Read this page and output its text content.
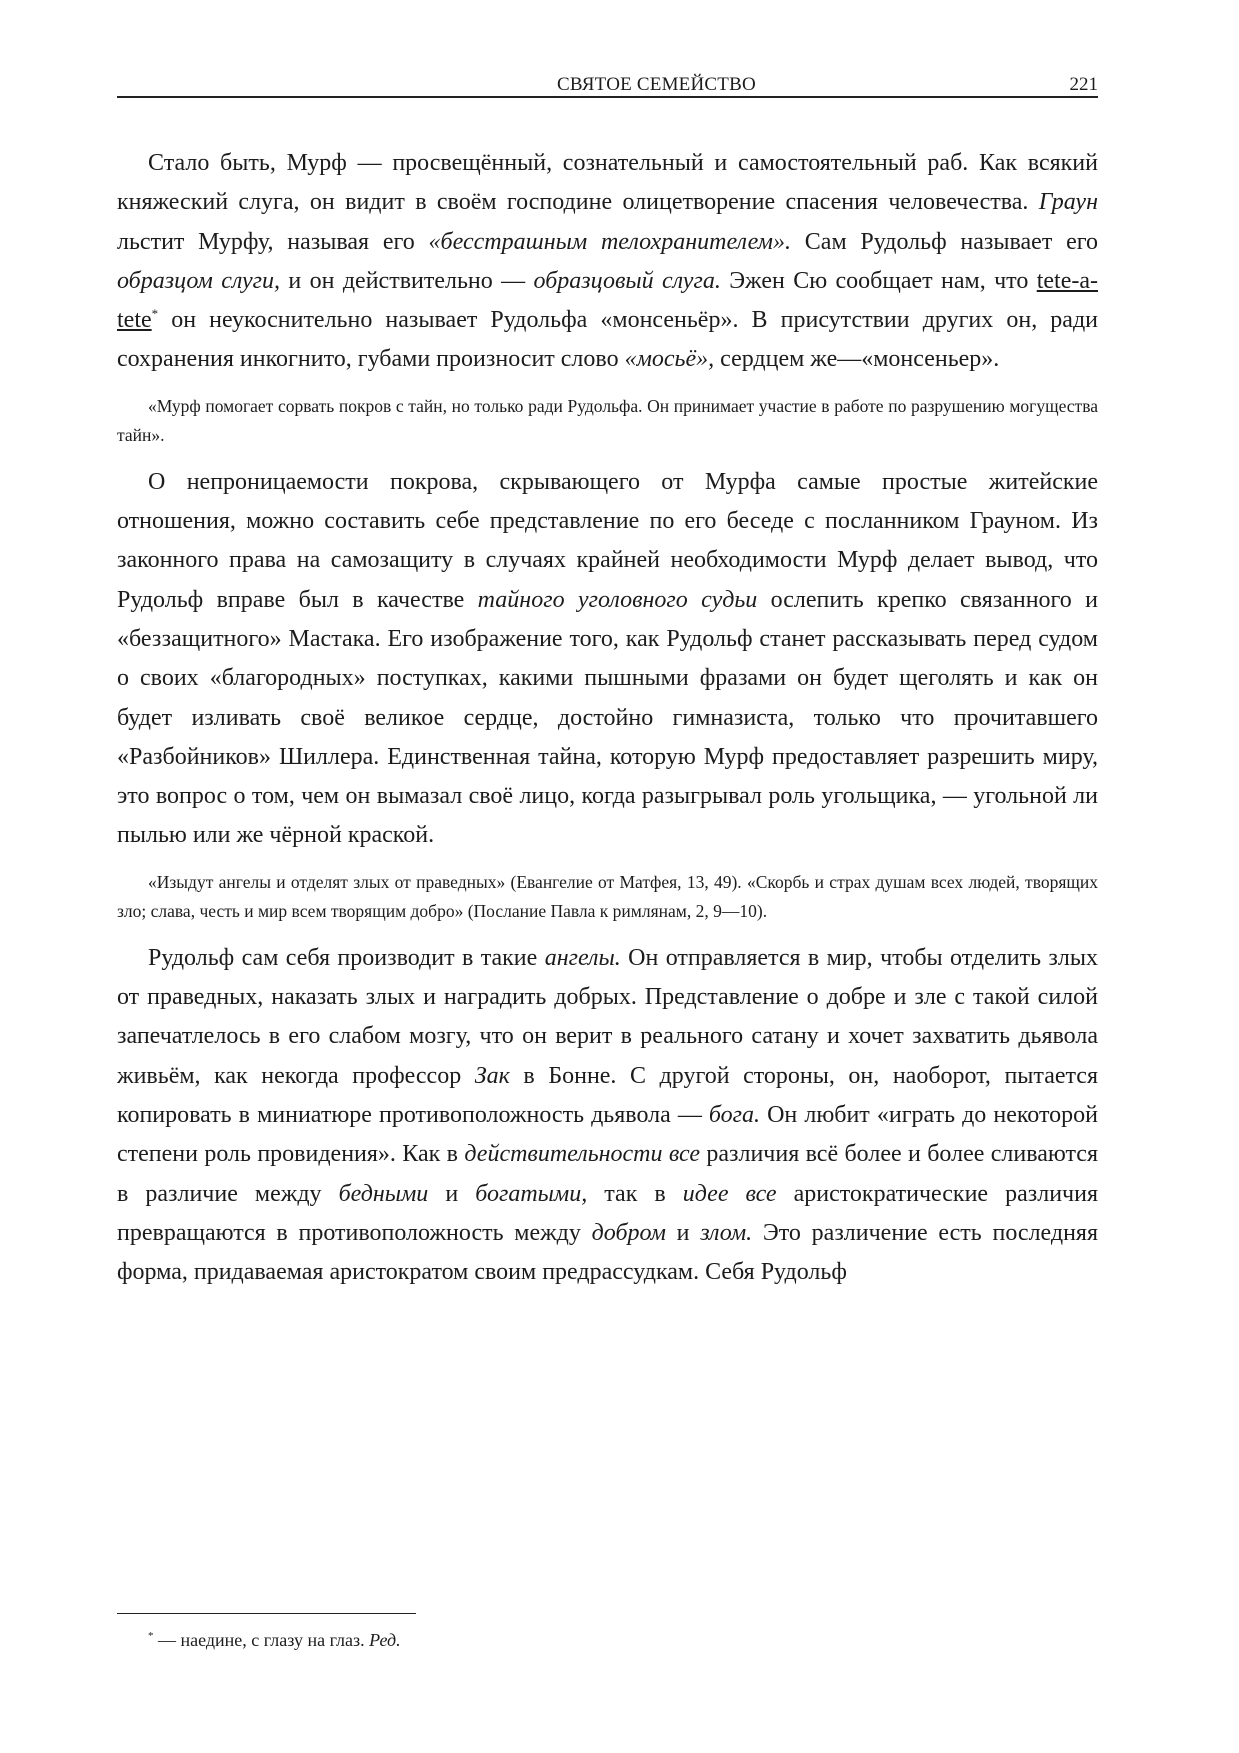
СВЯТОЕ СЕМЕЙСТВО	221

Стало быть, Мурф — просвещённый, сознательный и самостоятельный раб. Как всякий княжеский слуга, он видит в своём господине олицетворение спасения человечества. Граун льстит Мурфу, называя его «бесстрашным телохранителем». Сам Рудольф называет его образцом слуги, и он действительно — образцовый слуга. Эжен Сю сообщает нам, что tete-a-tete* он неукоснительно называет Рудольфа «монсеньёр». В присутствии других он, ради сохранения инкогнито, губами произносит слово «мосьё», сердцем же—«монсеньер».

«Мурф помогает сорвать покров с тайн, но только ради Рудольфа. Он принимает участие в работе по разрушению могущества тайн».

О непроницаемости покрова, скрывающего от Мурфа самые простые житейские отношения, можно составить себе представление по его беседе с посланником Грауном. Из законного права на самозащиту в случаях крайней необходимости Мурф делает вывод, что Рудольф вправе был в качестве тайного уголовного судьи ослепить крепко связанного и «беззащитного» Мастака. Его изображение того, как Рудольф станет рассказывать перед судом о своих «благородных» поступках, какими пышными фразами он будет щеголять и как он будет изливать своё великое сердце, достойно гимназиста, только что прочитавшего «Разбойников» Шиллера. Единственная тайна, которую Мурф предоставляет разрешить миру, это вопрос о том, чем он вымазал своё лицо, когда разыгрывал роль угольщика, — угольной ли пылью или же чёрной краской.

«Изыдут ангелы и отделят злых от праведных» (Евангелие от Матфея, 13, 49). «Скорбь и страх душам всех людей, творящих зло; слава, честь и мир всем творящим добро» (Послание Павла к римлянам, 2, 9—10).

Рудольф сам себя производит в такие ангелы. Он отправляется в мир, чтобы отделить злых от праведных, наказать злых и наградить добрых. Представление о добре и зле с такой силой запечатлелось в его слабом мозгу, что он верит в реального сатану и хочет захватить дьявола живьём, как некогда профессор Зак в Бонне. С другой стороны, он, наоборот, пытается копировать в миниатюре противоположность дьявола — бога. Он любит «играть до некоторой степени роль провидения». Как в действительности все различия всё более и более сливаются в различие между бедными и богатыми, так в идее все аристократические различия превращаются в противоположность между добром и злом. Это различение есть последняя форма, придаваемая аристократом своим предрассудкам. Себя Рудольф

* — наедине, с глазу на глаз. Ред.
